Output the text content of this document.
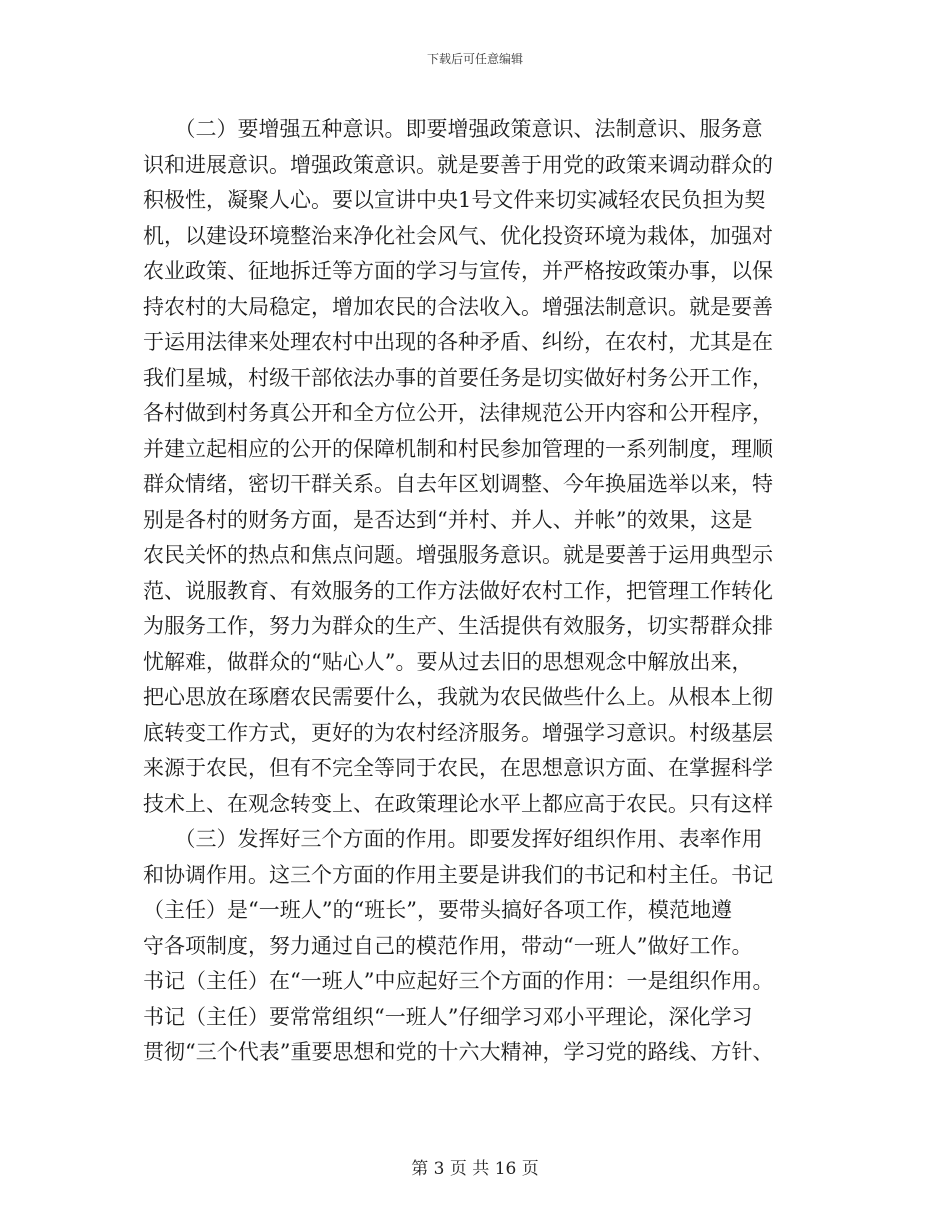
下载后可任意编辑
　　（二）要增强五种意识。即要增强政策意识、法制意识、服务意
识和进展意识。增强政策意识。就是要善于用党的政策来调动群众的
积极性，凝聚人心。要以宣讲中央1号文件来切实减轻农民负担为契
机，以建设环境整治来净化社会风气、优化投资环境为栽体，加强对
农业政策、征地拆迁等方面的学习与宣传，并严格按政策办事，以保
持农村的大局稳定，增加农民的合法收入。增强法制意识。就是要善
于运用法律来处理农村中出现的各种矛盾、纠纷，在农村，尤其是在
我们星城，村级干部依法办事的首要任务是切实做好村务公开工作，
各村做到村务真公开和全方位公开，法律规范公开内容和公开程序，
并建立起相应的公开的保障机制和村民参加管理的一系列制度，理顺
群众情绪，密切干群关系。自去年区划调整、今年换届选举以来，特
别是各村的财务方面，是否达到“并村、并人、并帐”的效果，这是
农民关怀的热点和焦点问题。增强服务意识。就是要善于运用典型示
范、说服教育、有效服务的工作方法做好农村工作，把管理工作转化
为服务工作，努力为群众的生产、生活提供有效服务，切实帮群众排
忧解难，做群众的“贴心人”。要从过去旧的思想观念中解放出来，
把心思放在琢磨农民需要什么，我就为农民做些什么上。从根本上彻
底转变工作方式，更好的为农村经济服务。增强学习意识。村级基层
来源于农民，但有不完全等同于农民，在思想意识方面、在掌握科学
技术上、在观念转变上、在政策理论水平上都应高于农民。只有这样
　　（三）发挥好三个方面的作用。即要发挥好组织作用、表率作用
和协调作用。这三个方面的作用主要是讲我们的书记和村主任。书记
（主任）是“一班人”的“班长”，要带头搞好各项工作，模范地遵
守各项制度，努力通过自己的模范作用，带动“一班人”做好工作。
书记（主任）在“一班人”中应起好三个方面的作用：一是组织作用。
书记（主任）要常常组织“一班人”仔细学习邓小平理论，深化学习
贯彻“三个代表”重要思想和党的十六大精神，学习党的路线、方针、
第 3 页 共 16 页
